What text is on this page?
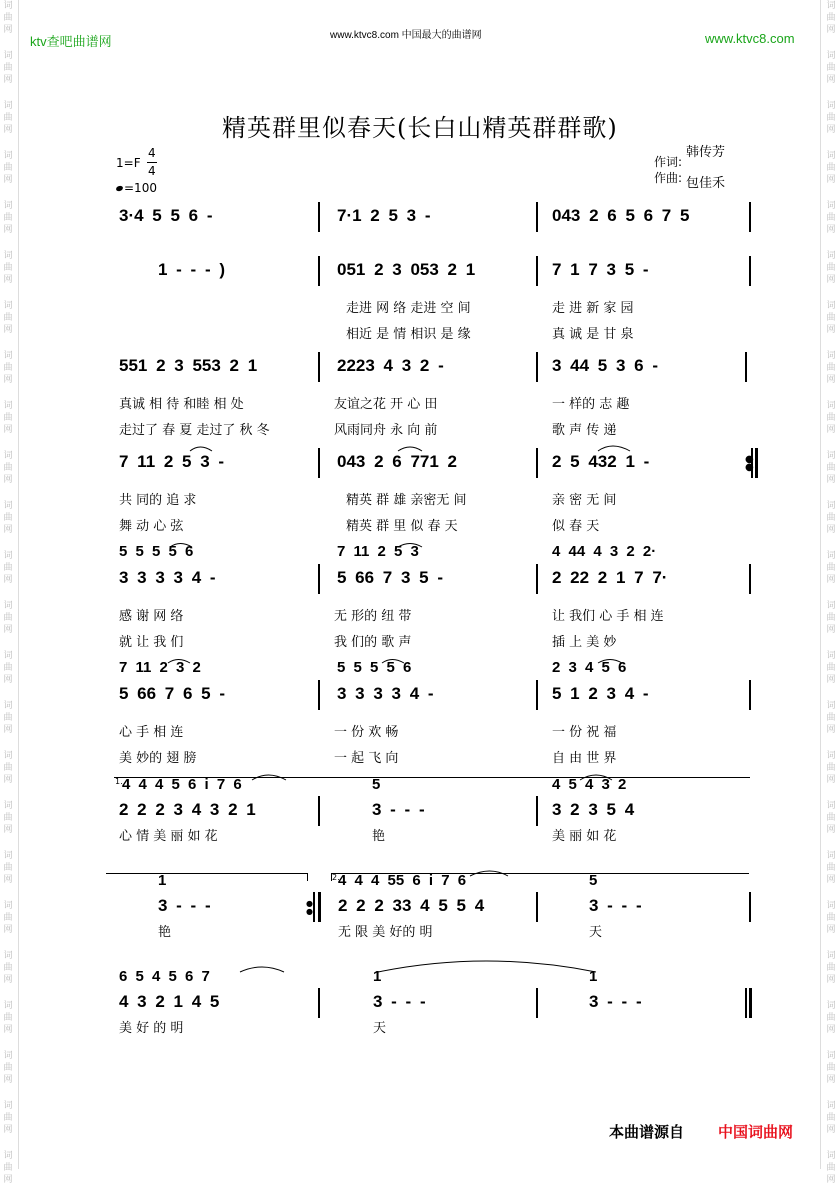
词
曲
网
词
曲
网
词
曲
网
词
曲
网
词
曲
网
词
曲
网
词
曲
网
词
曲
网
词
曲
网
词
曲
网
词
曲
网
词
曲
网
词
曲
网
词
曲
网
词
曲
网
词
曲
网
词
曲
网
词
曲
网
词
曲
网
词
曲
网
词
曲
网
词
曲
网
词
曲
网
词
曲
网
词
曲
网
词
曲
网
词
曲
网
词
曲
网
词
曲
网
词
曲
网
词
曲
网
词
曲
网
词
曲
网
词
曲
网
词
曲
网
词
曲
网
词
曲
网
词
曲
网
词
曲
网
词
曲
网
词
曲
网
词
曲
网
词
曲
网
词
曲
网
词
曲
网
词
曲
网
词
曲
网
词
曲
网
ktv查吧曲谱网	www.ktvc8.com 中国最大的曲谱网	www.ktvc8.com
精英群里似春天(长白山精英群群歌)
1=F
4
4
=100
作词:
韩传芳
作曲: 包佳禾
3·4 5 5 6 -	7·1 2 5 3 -	043 2 6 5 6 7 5
1 - - - )	051 2 3 053 2 1	7 1 7 3 5 -
走进 网 络 走进 空 间	走 进 新 家 园
相近 是 情 相识 是 缘	真 诚 是 甘 泉
551 2 3 553 2 1	2223 4 3 2 -	3 44 5 3 6 -
真诚 相 待 和睦 相 处	友谊之花 开 心 田	一 样的 志 趣
走过了 春 夏 走过了 秋 冬	风雨同舟 永 向 前	歌 声 传 递
7 11 2 5 3 -	043 2 6 771 2	2 5 432 1 -	●
●
共 同的 追 求	精英 群 雄 亲密无 间	亲 密 无 间
舞 动 心 弦	精英 群 里 似 春 天	似 春 天
5 5 5 5 6	7 11 2 5 3	4 44 4 3 2 2·
3 3 3 3 4 -	5 66 7 3 5 -	2 22 2 1 7 7·
感 谢 网 络	无 形的 纽 带	让 我们 心 手 相 连
就 让 我 们	我 们的 歌 声	插 上 美 妙
7 11 2 3 2	5 5 5 5 6	2 3 4 5 6
5 66 7 6 5 -	3 3 3 3 4 -	5 1 2 3 4 -
心 手 相 连	一 份 欢 畅	一 份 祝 福
美 妙的 翅 膀	一 起 飞 向	自 由 世 界
1. 4 4 4 5 6 i 7 6	5	4 5 4 3 2
2 2 2 3 4 3 2 1	3 - - -	3 2 3 5 4
心 情 美 丽 如 花	艳	美 丽 如 花
2.
1	4 4 4 55 6 i 7 6	5
3 - - -	2 2 2 33 4 5 5 4	3 - - -
●
●
艳	无 限 美 好的 明	天
6 5 4 5 6 7	1	1
4 3 2 1 4 5	3 - - -	3 - - -
美 好 的 明	天
本曲谱源自 中国词曲网
